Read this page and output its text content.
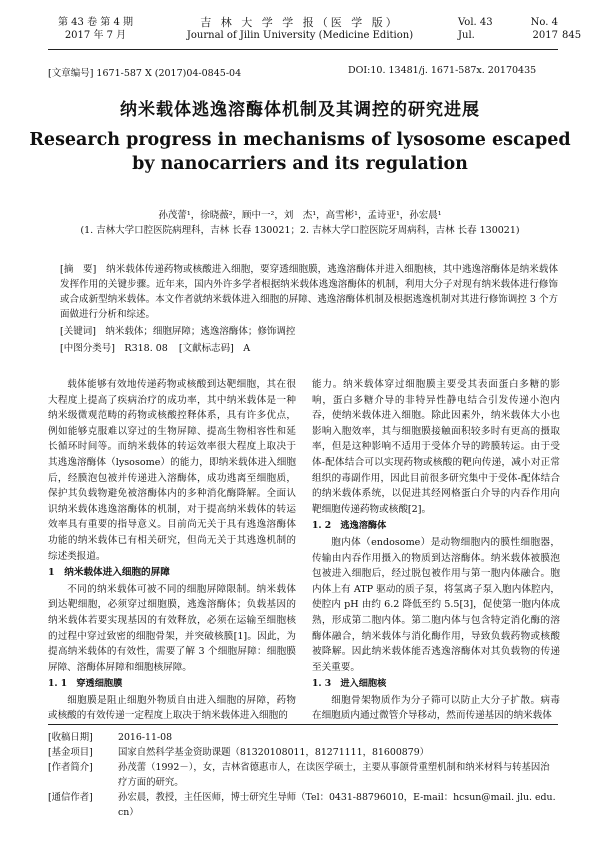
第 43 卷 第 4 期
2017 年 7 月
吉 林 大 学 学 报（医 学 版）
Journal of Jilin University (Medicine Edition)
Vol. 43	No. 4
Jul.	2017 845
[文章编号] 1671-587 X (2017)04-0845-04	DOI:10. 13481/j. 1671-587x. 20170435
纳米载体逃逸溶酶体机制及其调控的研究进展
Research progress in mechanisms of lysosome escaped
by nanocarriers and its regulation
孙茂蕾¹，徐晓薇²，顾中一²，刘　杰¹，高雪彬¹，孟诗亚¹，孙宏晨¹
(1. 吉林大学口腔医院病理科，吉林 长春 130021；2. 吉林大学口腔医院牙周病科，吉林 长春 130021)
[摘　要]　纳米载体传递药物或核酸进入细胞，要穿透细胞膜，逃逸溶酶体并进入细胞核，其中逃逸溶酶体是纳米载体发挥作用的关键步骤。近年来，国内外许多学者根据纳米载体逃逸溶酶体的机制，利用大分子对现有纳米载体进行修饰或合成新型纳米载体。本文作者就纳米载体进入细胞的屏障、逃逸溶酶体机制及根据逃逸机制对其进行修饰调控 3 个方面做进行分析和综述。
[关键词]　纳米载体；细胞屏障；逃逸溶酶体；修饰调控
[中图分类号]　R318. 08 [文献标志码]　A

载体能够有效地传递药物或核酸到达靶细胞，其在很大程度上提高了疾病治疗的成功率，其中纳米载体是一种纳米级微观范畴的药物或核酸控释体系，具有许多优点，例如能够克服难以穿过的生物屏障、提高生物相容性和延长循环时间等。而纳米载体的转运效率很大程度上取决于其逃逸溶酶体（lysosome）的能力，即纳米载体进入细胞后，经膜泡包被并传递进入溶酶体，成功逃离至细胞质，保护其负载物避免被溶酶体内的多种消化酶降解。全面认识纳米载体逃逸溶酶体的机制，对于提高纳米载体的转运效率具有重要的指导意义。目前尚无关于具有逃逸溶酶体功能的纳米载体已有相关研究，但尚无关于其逃逸机制的综述类报道。

1　纳米载体进入细胞的屏障

不同的纳米载体可被不同的细胞屏障限制。纳米载体到达靶细胞，必须穿过细胞膜，逃逸溶酶体；负载基因的纳米载体若要实现基因的有效释放，必须在运输至细胞核的过程中穿过致密的细胞骨架，并突破核膜[1]。因此，为提高纳米载体的有效性，需要了解 3 个细胞屏障：细胞膜屏障、溶酶体屏障和细胞核屏障。

1. 1　穿透细胞膜

细胞膜是阻止细胞外物质自由进入细胞的屏障，药物或核酸的有效传递一定程度上取决于纳米载体进入细胞的

能力。纳米载体穿过细胞膜主要受其表面蛋白多糖的影响，蛋白多糖介导的非特异性静电结合引发传递小泡内吞，使纳米载体进入细胞。除此因素外，纳米载体大小也影响入胞效率，其与细胞膜接触面积较多时有更高的摄取率，但是这种影响不适用于受体介导的跨膜转运。由于受体-配体结合可以实现药物或核酸的靶向传递，减小对正常组织的毒副作用，因此目前很多研究集中于受体-配体结合的纳米载体系统，以促进其经网格蛋白介导的内吞作用向靶细胞传递药物或核酸[2]。

1. 2　逃逸溶酶体

胞内体（endosome）是动物细胞内的膜性细胞器，传输由内吞作用摄入的物质到达溶酶体。纳米载体被膜泡包被进入细胞后，经过脱包被作用与第一胞内体融合。胞内体上有 ATP 驱动的质子泵，将氢离子泵入胞内体腔内，使腔内 pH 由约 6.2 降低至约 5.5[3]，促使第一胞内体成熟，形成第二胞内体。第二胞内体与包含特定消化酶的溶酶体融合，纳米载体与消化酶作用，导致负载药物或核酸被降解。因此纳米载体能否逃逸溶酶体对其负载物的传递至关重要。

1. 3　进入细胞核

细胞骨架物质作为分子筛可以防止大分子扩散。病毒在细胞质内通过微管介导移动，然而传递基因的纳米载体

[收稿日期]	2016-11-08
[基金项目]	国家自然科学基金资助课题（81320108011，81271111，81600879）
[作者简介]	孙茂蕾（1992－），女，吉林省德惠市人，在读医学硕士，主要从事颌骨重塑机制和纳米材料与转基因治疗方面的研究。
[通信作者]	孙宏晨，教授，主任医师，博士研究生导师（Tel：0431-88796010，E-mail：hcsun@mail. jlu. edu. cn）
